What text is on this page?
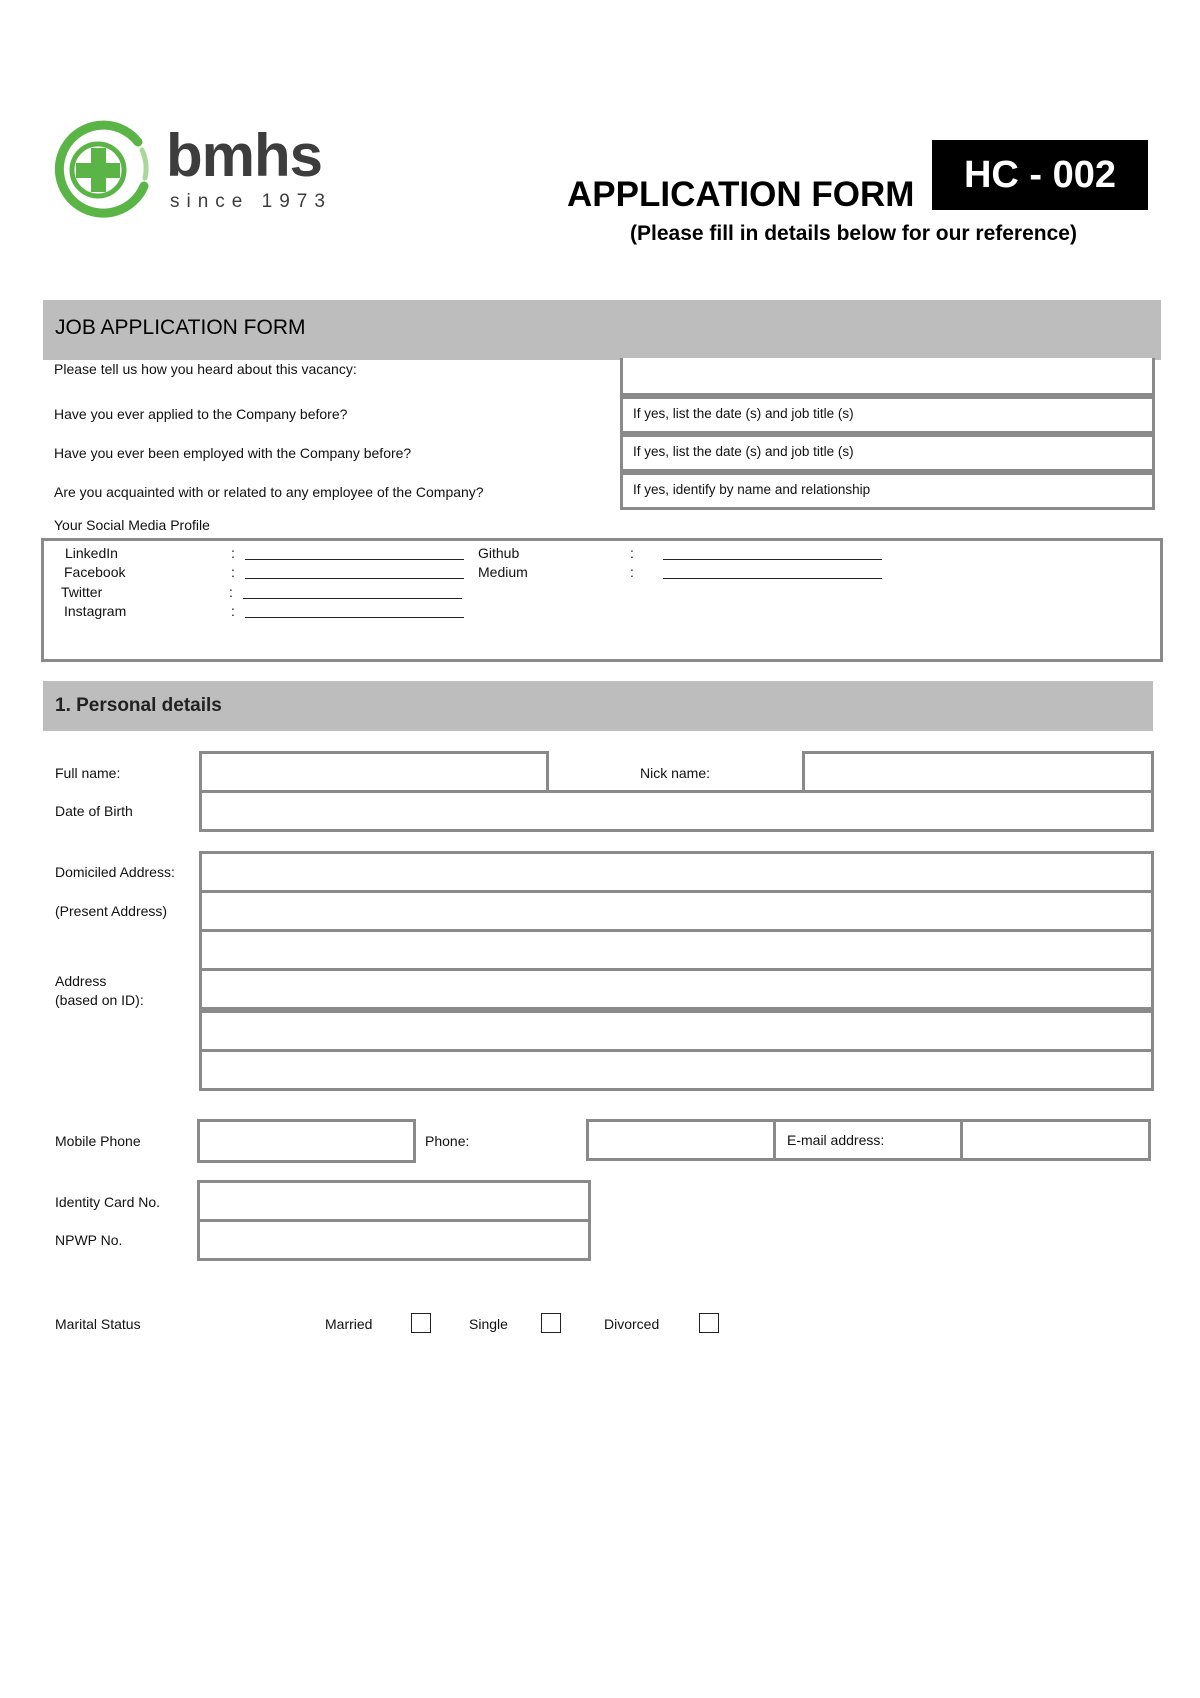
bmhs
since 1973	APPLICATION FORM	HC - 002
(Please fill in details below for our reference)
JOB APPLICATION FORM
Please tell us how you heard about this vacancy:
Have you ever applied to the Company before?	If yes, list the date (s) and job title (s)
Have you ever been employed with the Company before?	If yes, list the date (s) and job title (s)
Are you acquainted with or related to any employee of the Company?	If yes, identify by name and relationship
Your Social Media Profile
LinkedIn	:
Facebook	:
Twitter	:
Instagram	:
Github	:
Medium	:
1. Personal details
Full name:	Nick name:
Date of Birth
Domiciled Address:
(Present Address)
Address
(based on ID):
Mobile Phone	Phone:	E-mail address:
Identity Card No.
NPWP No.
Marital Status	Married	Single	Divorced
